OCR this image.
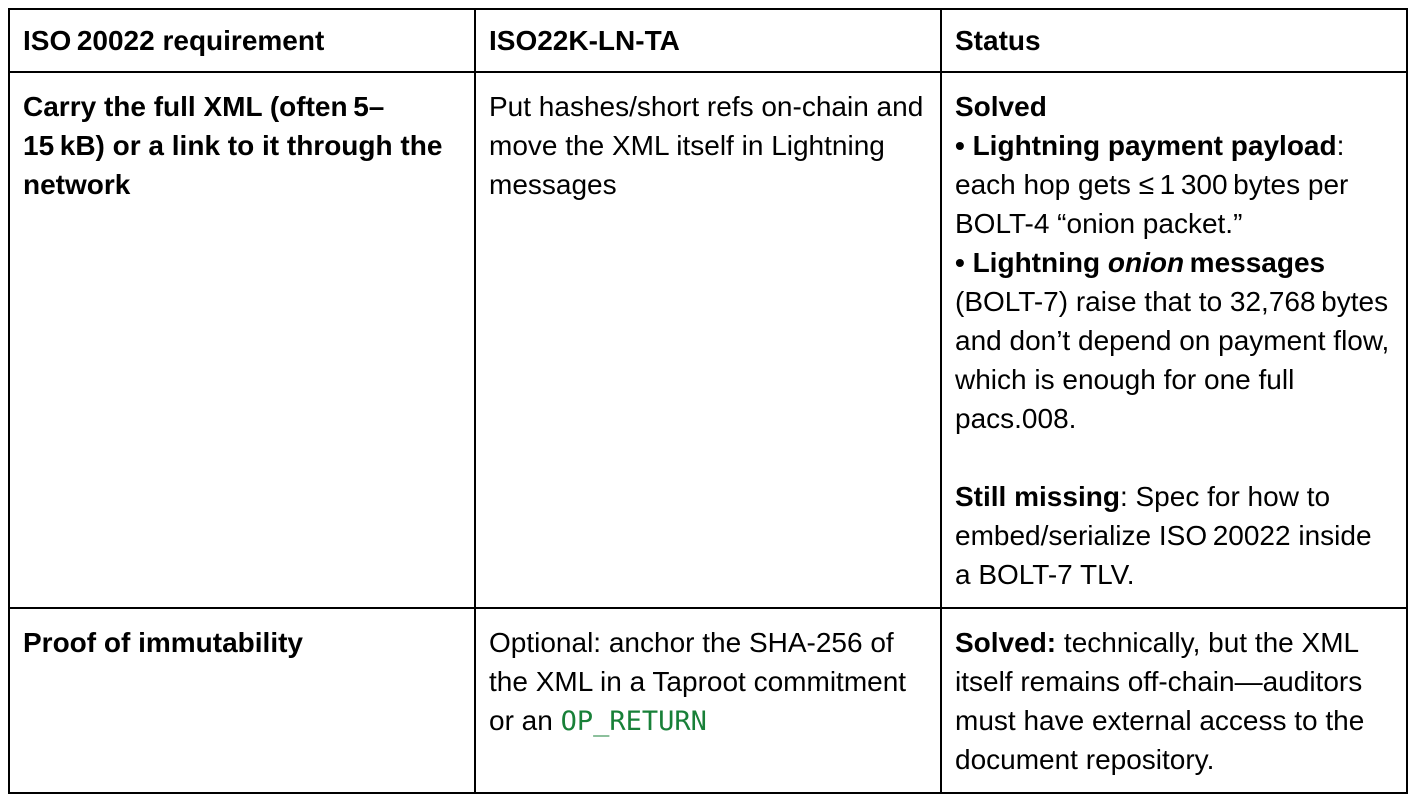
ISO 20022 requirement	ISO22K-LN-TA	Status
Carry the full XML (often 5–15 kB) or a link to it through the network	Put hashes/short refs on-chain and move the XML itself in Lightning messages	Solved
• Lightning payment payload: each hop gets ≤ 1 300 bytes per BOLT-4 “onion packet.”
• Lightning onion messages (BOLT-7) raise that to 32,768 bytes and don’t depend on payment flow, which is enough for one full pacs.008.
Still missing: Spec for how to embed/serialize ISO 20022 inside a BOLT-7 TLV.
Proof of immutability	Optional: anchor the SHA-256 of the XML in a Taproot commitment or an OP_RETURN	Solved: technically, but the XML itself remains off-chain—auditors must have external access to the document repository.
